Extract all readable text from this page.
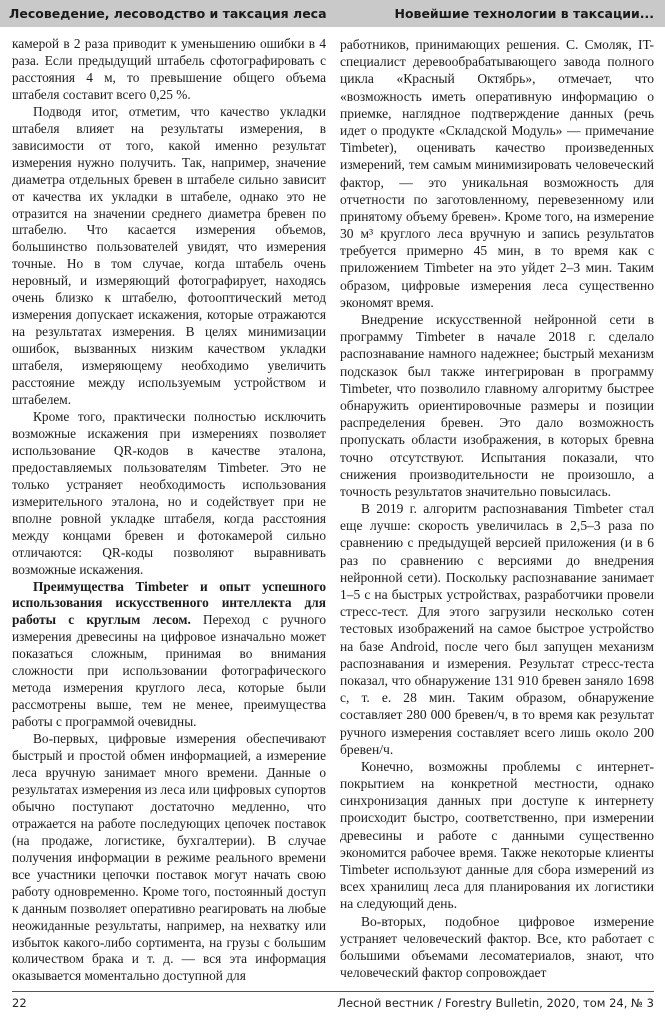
Лесоведение, лесоводство и таксация леса	Новейшие технологии в таксации...

камерой в 2 раза приводит к уменьшению ошибки в 4 раза. Если предыдущий штабель сфотографировать с расстояния 4 м, то превышение общего объема штабеля составит всего 0,25 %.

Подводя итог, отметим, что качество укладки штабеля влияет на результаты измерения, в зависимости от того, какой именно результат измерения нужно получить. Так, например, значение диаметра отдельных бревен в штабеле сильно зависит от качества их укладки в штабеле, однако это не отразится на значении среднего диаметра бревен по штабелю. Что касается измерения объемов, большинство пользователей увидят, что измерения точные. Но в том случае, когда штабель очень неровный, и измеряющий фотографирует, находясь очень близко к штабелю, фотооптический метод измерения допускает искажения, которые отражаются на результатах измерения. В целях минимизации ошибок, вызванных низким качеством укладки штабеля, измеряющему необходимо увеличить расстояние между используемым устройством и штабелем.

Кроме того, практически полностью исключить возможные искажения при измерениях позволяет использование QR-кодов в качестве эталона, предоставляемых пользователям Timbeter. Это не только устраняет необходимость использования измерительного эталона, но и содействует при не вполне ровной укладке штабеля, когда расстояния между концами бревен и фотокамерой сильно отличаются: QR-коды позволяют выравнивать возможные искажения.

Преимущества Timbeter и опыт успешного использования искусственного интеллекта для работы с круглым лесом. Переход с ручного измерения древесины на цифровое изначально может показаться сложным, принимая во внимания сложности при использовании фотографического метода измерения круглого леса, которые были рассмотрены выше, тем не менее, преимущества работы с программой очевидны.

Во-первых, цифровые измерения обеспечивают быстрый и простой обмен информацией, а измерение леса вручную занимает много времени. Данные о результатах измерения из леса или цифровых супортов обычно поступают достаточно медленно, что отражается на работе последующих цепочек поставок (на продаже, логистике, бухгалтерии). В случае получения информации в режиме реального времени все участники цепочки поставок могут начать свою работу одновременно. Кроме того, постоянный доступ к данным позволяет оперативно реагировать на любые неожиданные результаты, например, на нехватку или избыток какого-либо сортимента, на грузы с большим количеством брака и т. д. — вся эта информация оказывается моментально доступной для

работников, принимающих решения. С. Смоляк, IT-специалист деревообрабатывающего завода полного цикла «Красный Октябрь», отмечает, что «возможность иметь оперативную информацию о приемке, наглядное подтверждение данных (речь идет о продукте «Складской Модуль» — примечание Timbeter), оценивать качество произведенных измерений, тем самым минимизировать человеческий фактор, — это уникальная возможность для отчетности по заготовленному, перевезенному или принятому объему бревен». Кроме того, на измерение 30 м³ круглого леса вручную и запись результатов требуется примерно 45 мин, в то время как с приложением Timbeter на это уйдет 2–3 мин. Таким образом, цифровые измерения леса существенно экономят время.

Внедрение искусственной нейронной сети в программу Timbeter в начале 2018 г. сделало распознавание намного надежнее; быстрый механизм подсказок был также интегрирован в программу Timbeter, что позволило главному алгоритму быстрее обнаружить ориентировочные размеры и позиции распределения бревен. Это дало возможность пропускать области изображения, в которых бревна точно отсутствуют. Испытания показали, что снижения производительности не произошло, а точность результатов значительно повысилась.

В 2019 г. алгоритм распознавания Timbeter стал еще лучше: скорость увеличилась в 2,5–3 раза по сравнению с предыдущей версией приложения (и в 6 раз по сравнению с версиями до внедрения нейронной сети). Поскольку распознавание занимает 1–5 с на быстрых устройствах, разработчики провели стресс-тест. Для этого загрузили несколько сотен тестовых изображений на самое быстрое устройство на базе Android, после чего был запущен механизм распознавания и измерения. Результат стресс-теста показал, что обнаружение 131 910 бревен заняло 1698 с, т. е. 28 мин. Таким образом, обнаружение составляет 280 000 бревен/ч, в то время как результат ручного измерения составляет всего лишь около 200 бревен/ч.

Конечно, возможны проблемы с интернет-покрытием на конкретной местности, однако синхронизация данных при доступе к интернету происходит быстро, соответственно, при измерении древесины и работе с данными существенно экономится рабочее время. Также некоторые клиенты Timbeter используют данные для сбора измерений из всех хранилищ леса для планирования их логистики на следующий день.

Во-вторых, подобное цифровое измерение устраняет человеческий фактор. Все, кто работает с большими объемами лесоматериалов, знают, что человеческий фактор сопровождает

22	Лесной вестник / Forestry Bulletin, 2020, том 24, № 3
